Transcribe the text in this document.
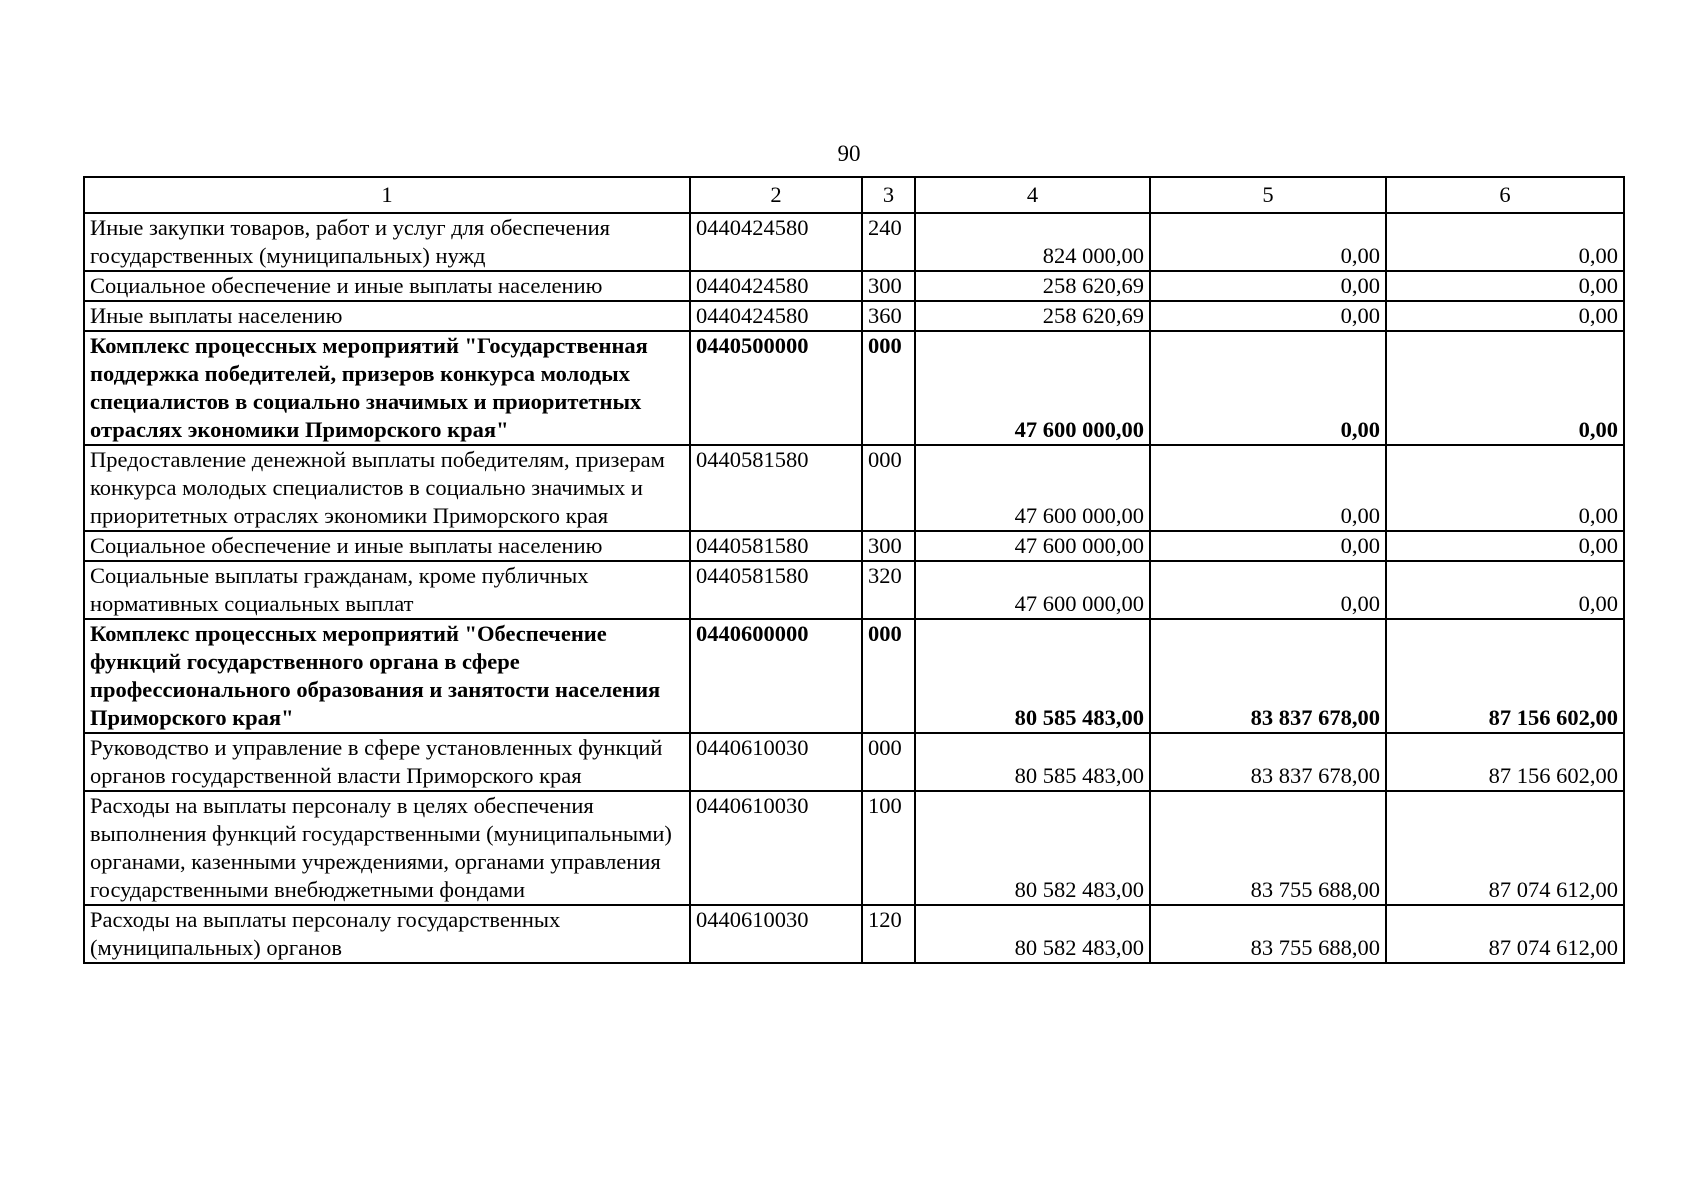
90
1	2	3	4	5	6
Иные закупки товаров, работ и услуг для обеспечения государственных (муниципальных) нужд	0440424580	240	824 000,00	0,00	0,00
Социальное обеспечение и иные выплаты населению	0440424580	300	258 620,69	0,00	0,00
Иные выплаты населению	0440424580	360	258 620,69	0,00	0,00
Комплекс процессных мероприятий "Государственная поддержка победителей, призеров конкурса молодых специалистов в социально значимых и приоритетных отраслях экономики Приморского края"	0440500000	000	47 600 000,00	0,00	0,00
Предоставление денежной выплаты победителям, призерам конкурса молодых специалистов в социально значимых и приоритетных отраслях экономики Приморского края	0440581580	000	47 600 000,00	0,00	0,00
Социальное обеспечение и иные выплаты населению	0440581580	300	47 600 000,00	0,00	0,00
Социальные выплаты гражданам, кроме публичных нормативных социальных выплат	0440581580	320	47 600 000,00	0,00	0,00
Комплекс процессных мероприятий "Обеспечение функций государственного органа в сфере профессионального образования и занятости населения Приморского края"	0440600000	000	80 585 483,00	83 837 678,00	87 156 602,00
Руководство и управление в сфере установленных функций органов государственной власти Приморского края	0440610030	000	80 585 483,00	83 837 678,00	87 156 602,00
Расходы на выплаты персоналу в целях обеспечения выполнения функций государственными (муниципальными) органами, казенными учреждениями, органами управления государственными внебюджетными фондами	0440610030	100	80 582 483,00	83 755 688,00	87 074 612,00
Расходы на выплаты персоналу государственных (муниципальных) органов	0440610030	120	80 582 483,00	83 755 688,00	87 074 612,00
